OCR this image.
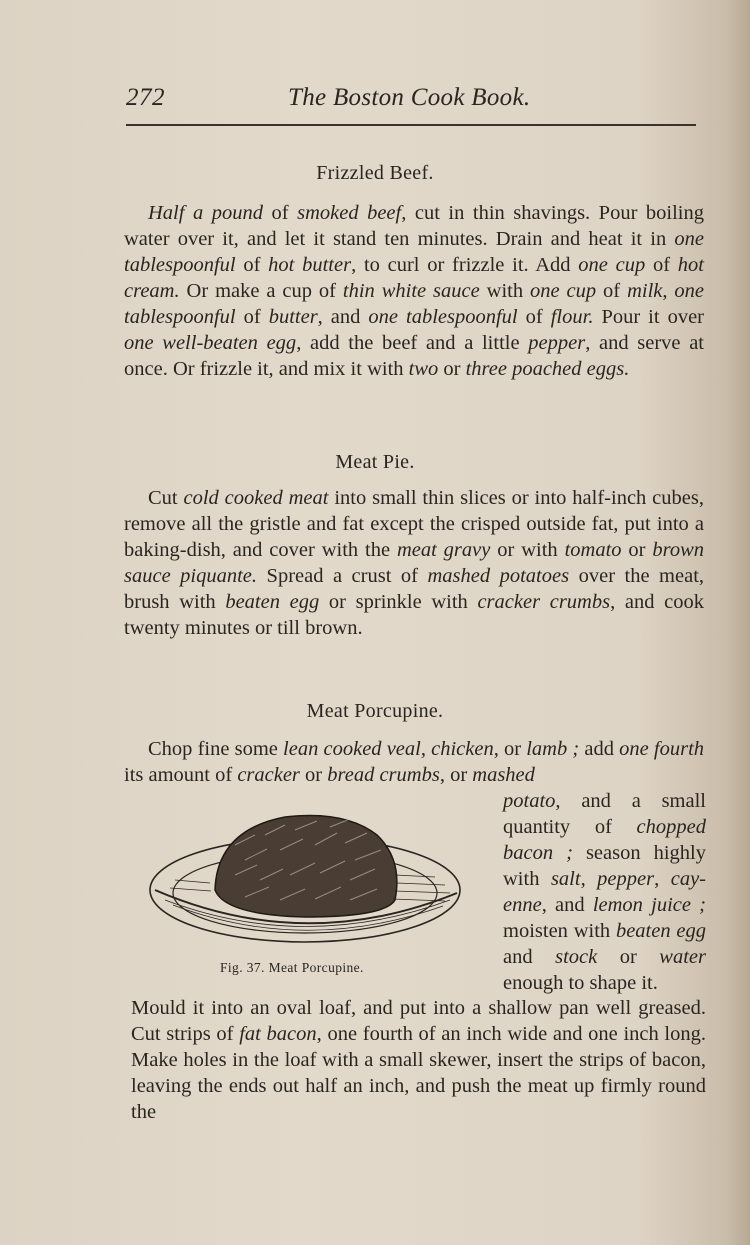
272	The Boston Cook Book.
Frizzled Beef.

Half a pound of smoked beef, cut in thin shavings. Pour boiling water over it, and let it stand ten minutes. Drain and heat it in one tablespoonful of hot butter, to curl or frizzle it. Add one cup of hot cream. Or make a cup of thin white sauce with one cup of milk, one tablespoonful of butter, and one tablespoonful of flour. Pour it over one well-beaten egg, add the beef and a little pepper, and serve at once. Or frizzle it, and mix it with two or three poached eggs.

Meat Pie.

Cut cold cooked meat into small thin slices or into half-inch cubes, remove all the gristle and fat except the crisped outside fat, put into a baking-dish, and cover with the meat gravy or with tomato or brown sauce piquante. Spread a crust of mashed potatoes over the meat, brush with beaten egg or sprinkle with cracker crumbs, and cook twenty minutes or till brown.

Meat Porcupine.

Chop fine some lean cooked veal, chicken, or lamb ; add one fourth its amount of cracker or bread crumbs, or mashed

Fig. 37. Meat Porcupine.

potato, and a small quantity of chopped bacon ; season highly with salt, pepper, cay-enne, and lemon juice ; moisten with beaten egg and stock or water enough to shape it.

Mould it into an oval loaf, and put into a shallow pan well greased. Cut strips of fat bacon, one fourth of an inch wide and one inch long. Make holes in the loaf with a small skewer, insert the strips of bacon, leaving the ends out half an inch, and push the meat up firmly round the
